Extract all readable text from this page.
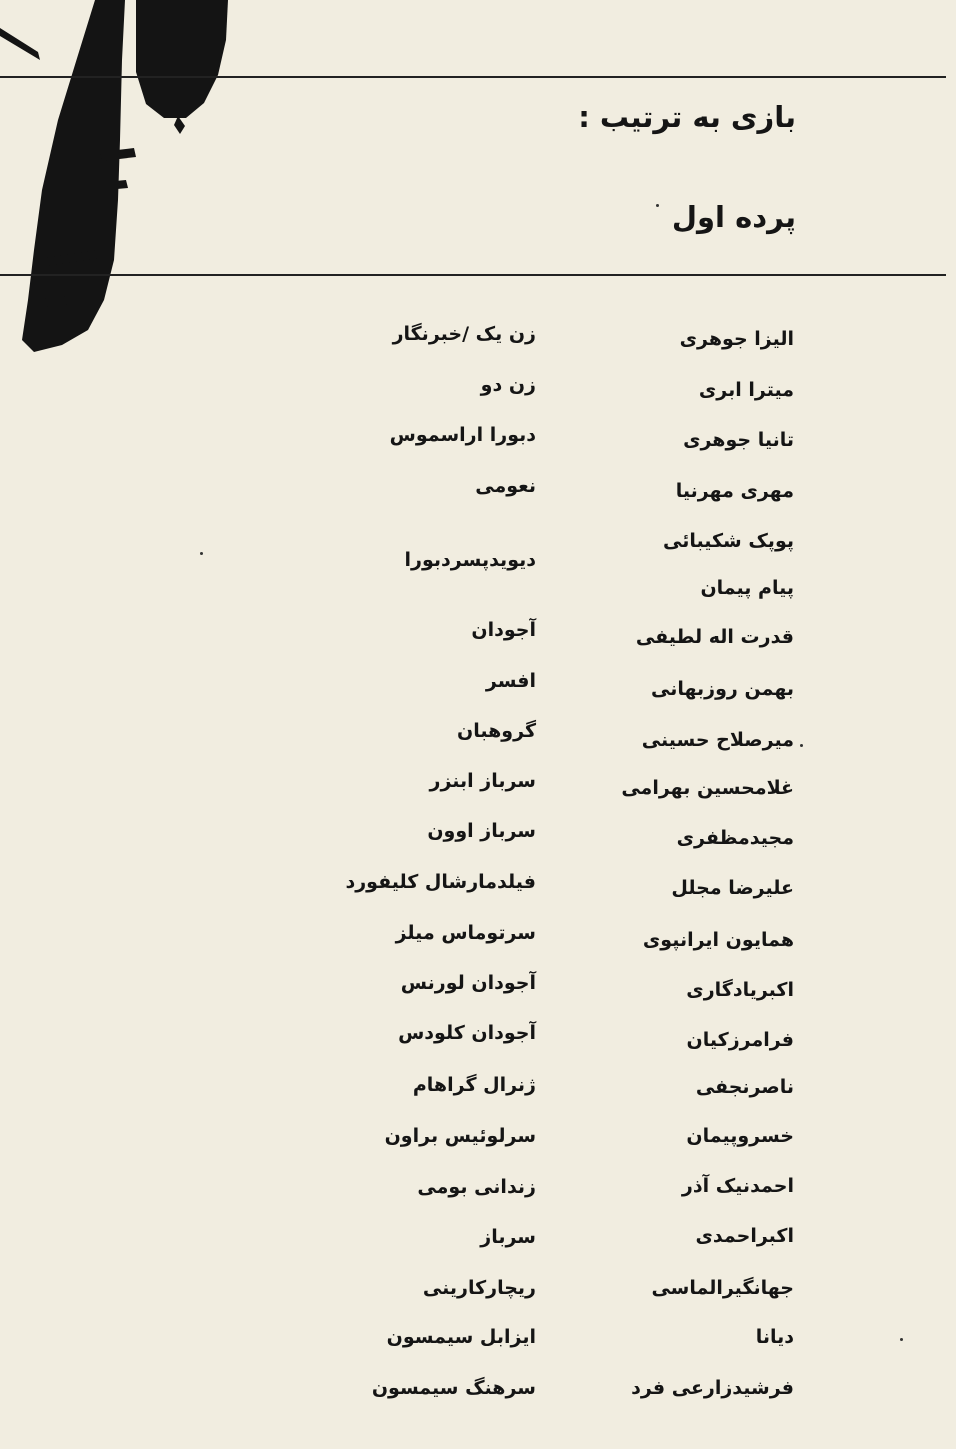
بازی به ترتیب :
پرده اول
الیزا جوهری
زن یک /خبرنگار
میترا ابری
زن دو
تانیا جوهری
دبورا اراسموس
مهری مهرنیا
نعومی
پوپک شکیبائی
دیویدپسردبورا
پیام پیمان
قدرت اله لطیفی
آجودان
بهمن روزبهانی
افسر
میرصلاح حسینی
گروهبان
غلامحسین بهرامی
سرباز ابنزر
مجیدمظفری
سرباز اوون
علیرضا مجلل
فیلدمارشال کلیفورد
همایون ایرانپوی
سرتوماس میلز
اکبریادگاری
آجودان لورنس
فرامرزکیان
آجودان کلودس
ناصرنجفی
ژنرال گراهام
خسروپیمان
سرلوئیس براون
احمدنیک آذر
زندانی بومی
اکبراحمدی
سرباز
جهانگیرالماسی
ریچارکارینی
دیانا
ایزابل سیمسون
فرشیدزارعی فرد
سرهنگ سیمسون
